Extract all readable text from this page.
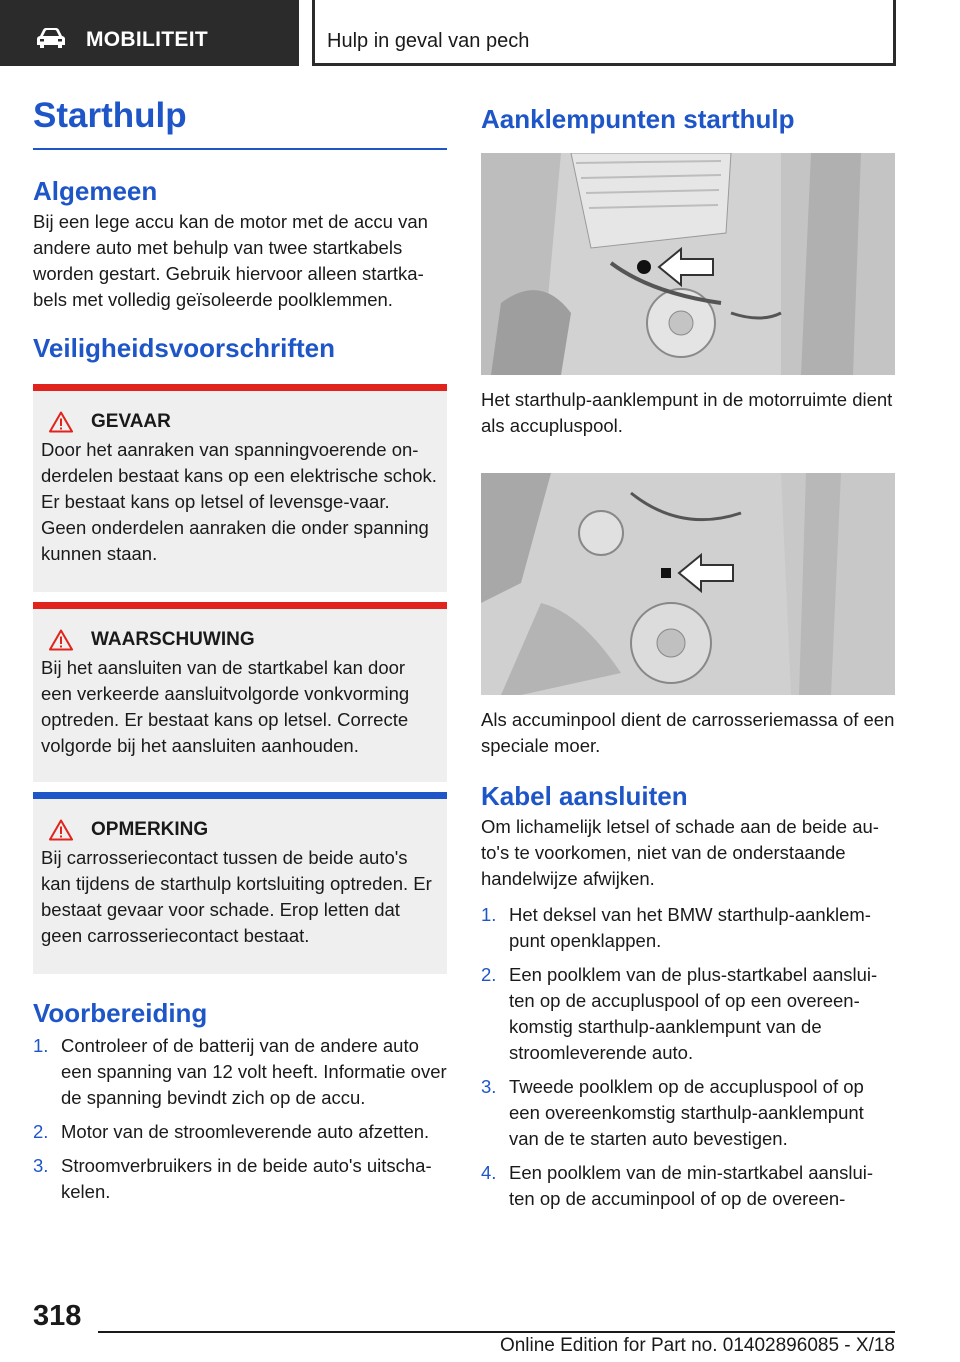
MOBILITEIT	Hulp in geval van pech
Starthulp
Algemeen

Bij een lege accu kan de motor met de accu van andere auto met behulp van twee startkabels worden gestart. Gebruik hiervoor alleen startka-bels met volledig geïsoleerde poolklemmen.

Veiligheidsvoorschriften
GEVAAR

Door het aanraken van spanningvoerende on-derdelen bestaat kans op een elektrische schok. Er bestaat kans op letsel of levensge-vaar. Geen onderdelen aanraken die onder spanning kunnen staan.

WAARSCHUWING

Bij het aansluiten van de startkabel kan door een verkeerde aansluitvolgorde vonkvorming optreden. Er bestaat kans op letsel. Correcte volgorde bij het aansluiten aanhouden.

OPMERKING

Bij carrosseriecontact tussen de beide auto's kan tijdens de starthulp kortsluiting optreden. Er bestaat gevaar voor schade. Erop letten dat geen carrosseriecontact bestaat.

Voorbereiding
1. Controleer of de batterij van de andere auto een spanning van 12 volt heeft. Informatie over de spanning bevindt zich op de accu.
2. Motor van de stroomleverende auto afzetten.
3. Stroomverbruikers in de beide auto's uitscha-kelen.
Aanklempunten starthulp

Het starthulp-aanklempunt in de motorruimte dient als accupluspool.

Als accuminpool dient de carrosseriemassa of een speciale moer.

Kabel aansluiten

Om lichamelijk letsel of schade aan de beide au-to's te voorkomen, niet van de onderstaande handelwijze afwijken.

1. Het deksel van het BMW starthulp-aanklem-punt openklappen.
2. Een poolklem van de plus-startkabel aanslui-ten op de accupluspool of op een overeen-komstig starthulp-aanklempunt van de stroomleverende auto.
3. Tweede poolklem op de accupluspool of op een overeenkomstig starthulp-aanklempunt van de te starten auto bevestigen.
4. Een poolklem van de min-startkabel aanslui-ten op de accuminpool of op de overeen-
318
Online Edition for Part no. 01402896085 - X/18
